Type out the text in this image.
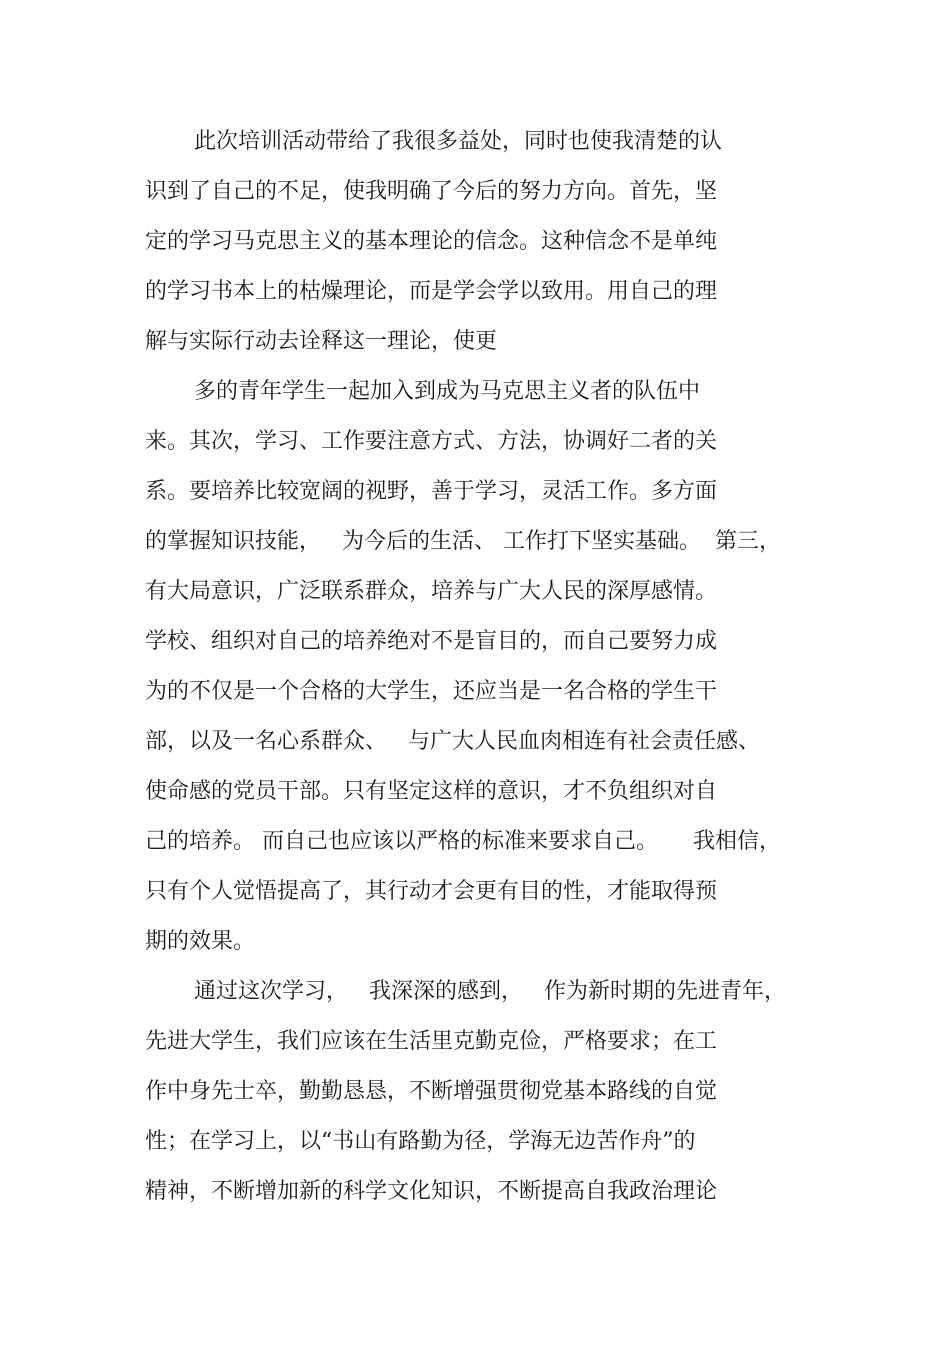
此次培训活动带给了我很多益处，同时也使我清楚的认
识到了自己的不足，使我明确了今后的努力方向。首先，坚
定的学习马克思主义的基本理论的信念。这种信念不是单纯
的学习书本上的枯燥理论，而是学会学以致用。用自己的理
解与实际行动去诠释这一理论，使更
多的青年学生一起加入到成为马克思主义者的队伍中
来。其次，学习、工作要注意方式、方法，协调好二者的关
系。要培养比较宽阔的视野，善于学习，灵活工作。多方面
的掌握知识技能，   为今后的生活、 工作打下坚实基础。  第三，
有大局意识，广泛联系群众，培养与广大人民的深厚感情。
学校、组织对自己的培养绝对不是盲目的，而自己要努力成
为的不仅是一个合格的大学生，还应当是一名合格的学生干
部，以及一名心系群众、   与广大人民血肉相连有社会责任感、
使命感的党员干部。只有坚定这样的意识，才不负组织对自
己的培养。 而自己也应该以严格的标准来要求自己。     我相信，
只有个人觉悟提高了，其行动才会更有目的性，才能取得预
期的效果。
通过这次学习，   我深深的感到，   作为新时期的先进青年，
先进大学生，我们应该在生活里克勤克俭，严格要求；在工
作中身先士卒，勤勤恳恳，不断增强贯彻党基本路线的自觉
性；在学习上，以“书山有路勤为径，学海无边苦作舟”的
精神，不断增加新的科学文化知识，不断提高自我政治理论
